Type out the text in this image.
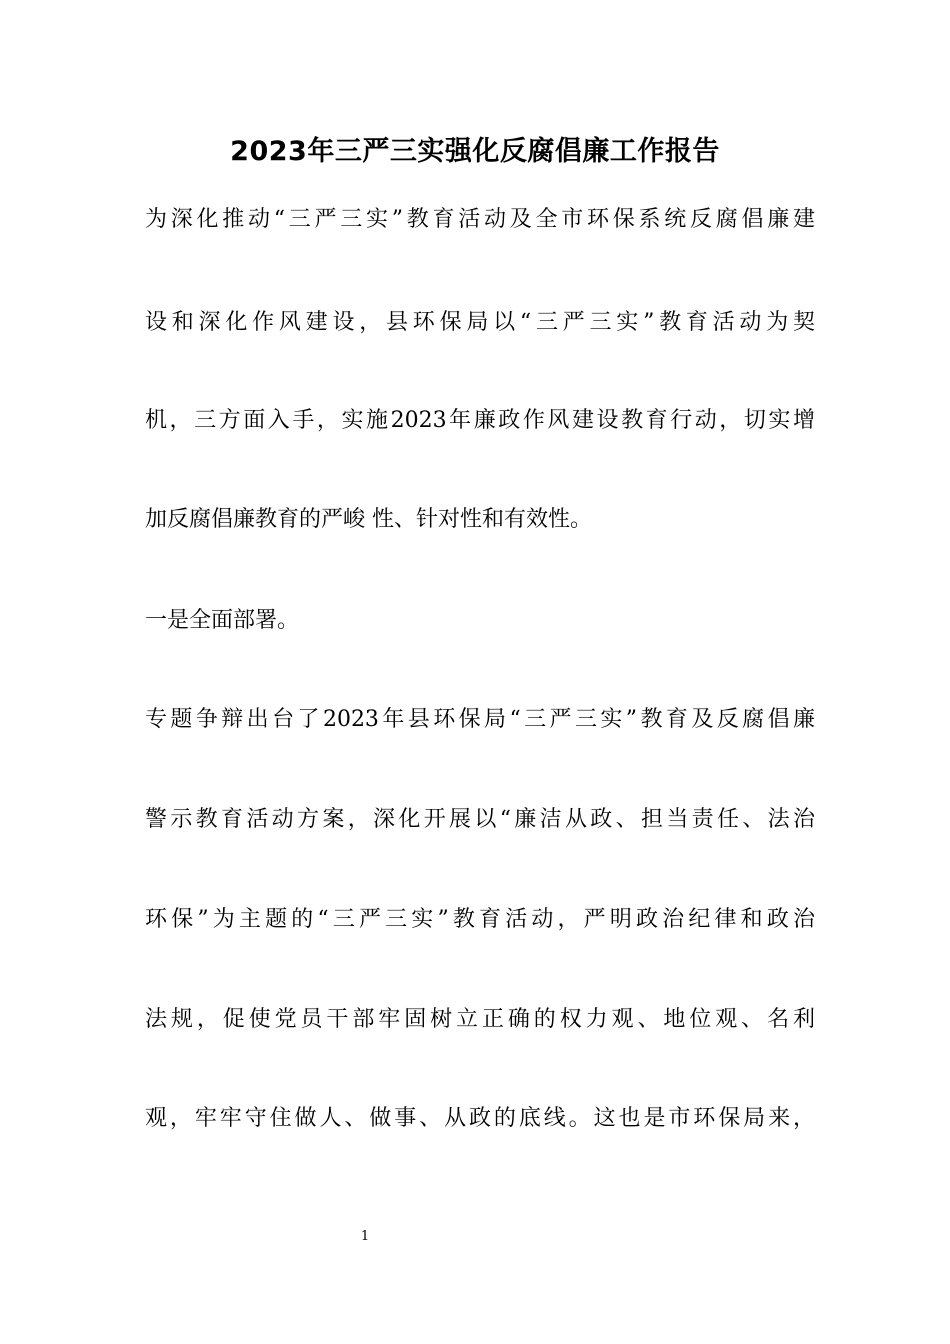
2023年三严三实强化反腐倡廉工作报告

为深化推动“三严三实”教育活动及全市环保系统反腐倡廉建

设和深化作风建设，县环保局以“三严三实”教育活动为契

机，三方面入手，实施2023年廉政作风建设教育行动，切实增

加反腐倡廉教育的严峻 性、针对性和有效性。

一是全面部署。

专题争辩出台了2023年县环保局“三严三实”教育及反腐倡廉

警示教育活动方案，深化开展以“廉洁从政、担当责任、法治

环保”为主题的“三严三实”教育活动，严明政治纪律和政治

法规，促使党员干部牢固树立正确的权力观、地位观、名利

观，牢牢守住做人、做事、从政的底线。这也是市环保局来，

1
